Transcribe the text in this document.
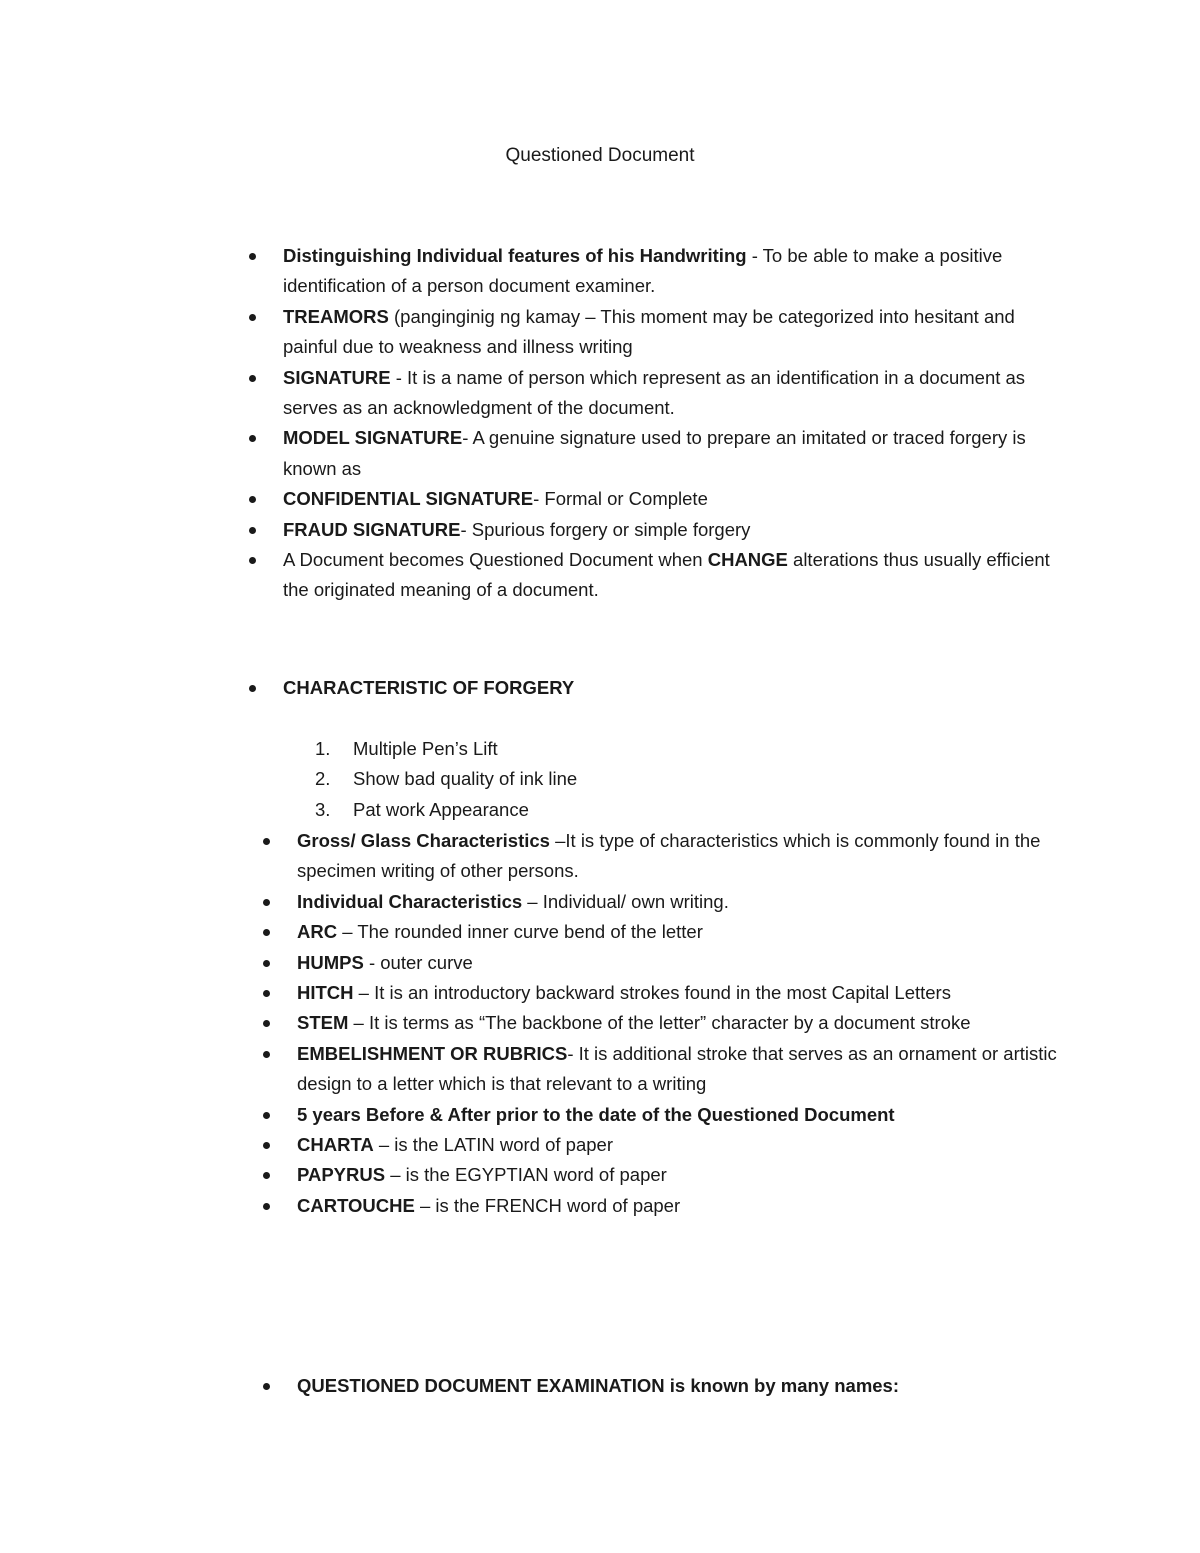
Questioned Document
Distinguishing Individual features of his Handwriting - To be able to make a positive identification of a person document examiner.
TREAMORS (panginginig ng kamay – This moment may be categorized into hesitant and painful due to weakness and illness writing
SIGNATURE - It is a name of person which represent as an identification in a document as serves as an acknowledgment of the document.
MODEL SIGNATURE- A genuine signature used to prepare an imitated or traced forgery is known as
CONFIDENTIAL SIGNATURE- Formal or Complete
FRAUD SIGNATURE- Spurious forgery or simple forgery
A Document becomes Questioned Document when CHANGE alterations thus usually efficient the originated meaning of a document.
CHARACTERISTIC OF FORGERY
1.	Multiple Pen’s Lift
2.	Show bad quality of ink line
3.	Pat work Appearance
Gross/ Glass Characteristics –It is type of characteristics which is commonly found in the specimen writing of other persons.
Individual Characteristics – Individual/ own writing.
ARC – The rounded inner curve bend of the letter
HUMPS - outer curve
HITCH – It is an introductory backward strokes found in the most Capital Letters
STEM – It is terms as “The backbone of the letter” character by a document stroke
EMBELISHMENT OR RUBRICS- It is additional stroke that serves as an ornament or artistic design to a letter which is that relevant to a writing
5 years Before & After prior to the date of the Questioned Document
CHARTA – is the LATIN word of paper
PAPYRUS – is the EGYPTIAN word of paper
CARTOUCHE – is the FRENCH word of paper
QUESTIONED DOCUMENT EXAMINATION is known by many names:
